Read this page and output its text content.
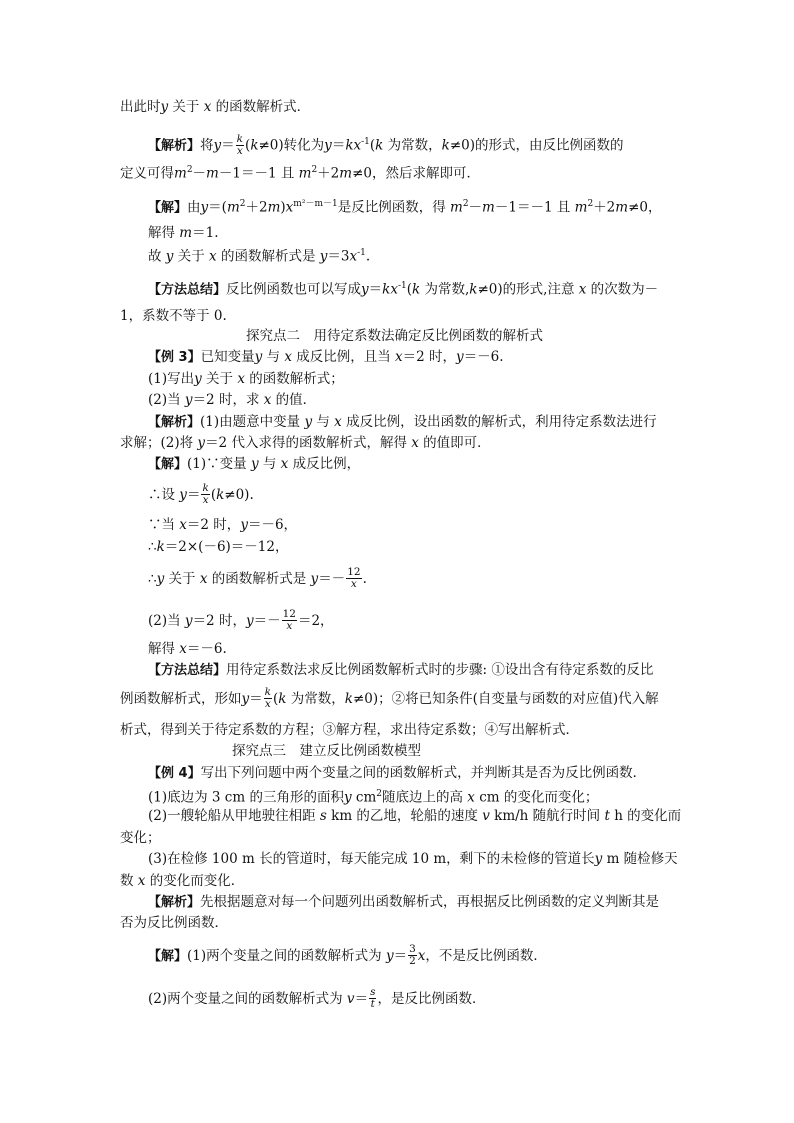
出此时y 关于 x 的函数解析式．
【解析】将$y= \frac{k}{x} (k\ne 0)$转化为$y=kx^{-1}(k$ 为常数，k≠0)的形式，由反比例函数的
定义可得$m^2-m-1=-1$ 且 $m^2+2m\ne 0$，然后求解即可．
【解】由$y=(m^2+2m)x^{m^2-m-1}$是反比例函数，得 $m^2-m-1=-1$ 且 $m^2+2m\ne 0$，
解得 m＝1.
故 y 关于 x 的函数解析式是 $y=3x^{-1}$.
【方法总结】反比例函数也可以写成$y=kx^{-1}(k$ 为常数,k≠0)的形式,注意 x 的次数为－
1，系数不等于 0.
探究点二　用待定系数法确定反比例函数的解析式
【例 3】已知变量y 与 x 成反比例，且当 x＝2 时，y＝－6.
(1)写出y 关于 x 的函数解析式；
(2)当 y＝2 时，求 x 的值．
【解析】(1)由题意中变量 y 与 x 成反比例，设出函数的解析式，利用待定系数法进行
求解；(2)将 y＝2 代入求得的函数解析式，解得 x 的值即可．
【解】(1)∵变量 y 与 x 成反比例，
∴设 $y= \frac{k}{x} (k\ne 0)$.
∵当 x＝2 时，y＝－6，
∴k＝2×(－6)＝－12，
∴y 关于 x 的函数解析式是 $y=- \frac{12}{x}$ .
(2)当 y＝2 时，$y=- \frac{12}{x} =2$，
解得 x＝－6.
【方法总结】用待定系数法求反比例函数解析式时的步骤: ①设出含有待定系数的反比
例函数解析式，形如$y= \frac{k}{x} (k$ 为常数，k≠0)；②将已知条件(自变量与函数的对应值)代入解
析式，得到关于待定系数的方程；③解方程，求出待定系数；④写出解析式．
探究点三　建立反比例函数模型
【例 4】写出下列问题中两个变量之间的函数解析式，并判断其是否为反比例函数．
(1)底边为 3 cm 的三角形的面积y $cm^2$随底边上的高 x cm 的变化而变化；
(2)一艘轮船从甲地驶往相距 s km 的乙地，轮船的速度 v km/h 随航行时间 t h 的变化而
变化；
(3)在检修 100 m 长的管道时，每天能完成 10 m，剩下的未检修的管道长y m 随检修天
数 x 的变化而变化．
【解析】先根据题意对每一个问题列出函数解析式，再根据反比例函数的定义判断其是
否为反比例函数．
【解】(1)两个变量之间的函数解析式为 $y= \frac{3}{2}$ x，不是反比例函数．
(2)两个变量之间的函数解析式为 $v= \frac{s}{t}$ ，是反比例函数．
